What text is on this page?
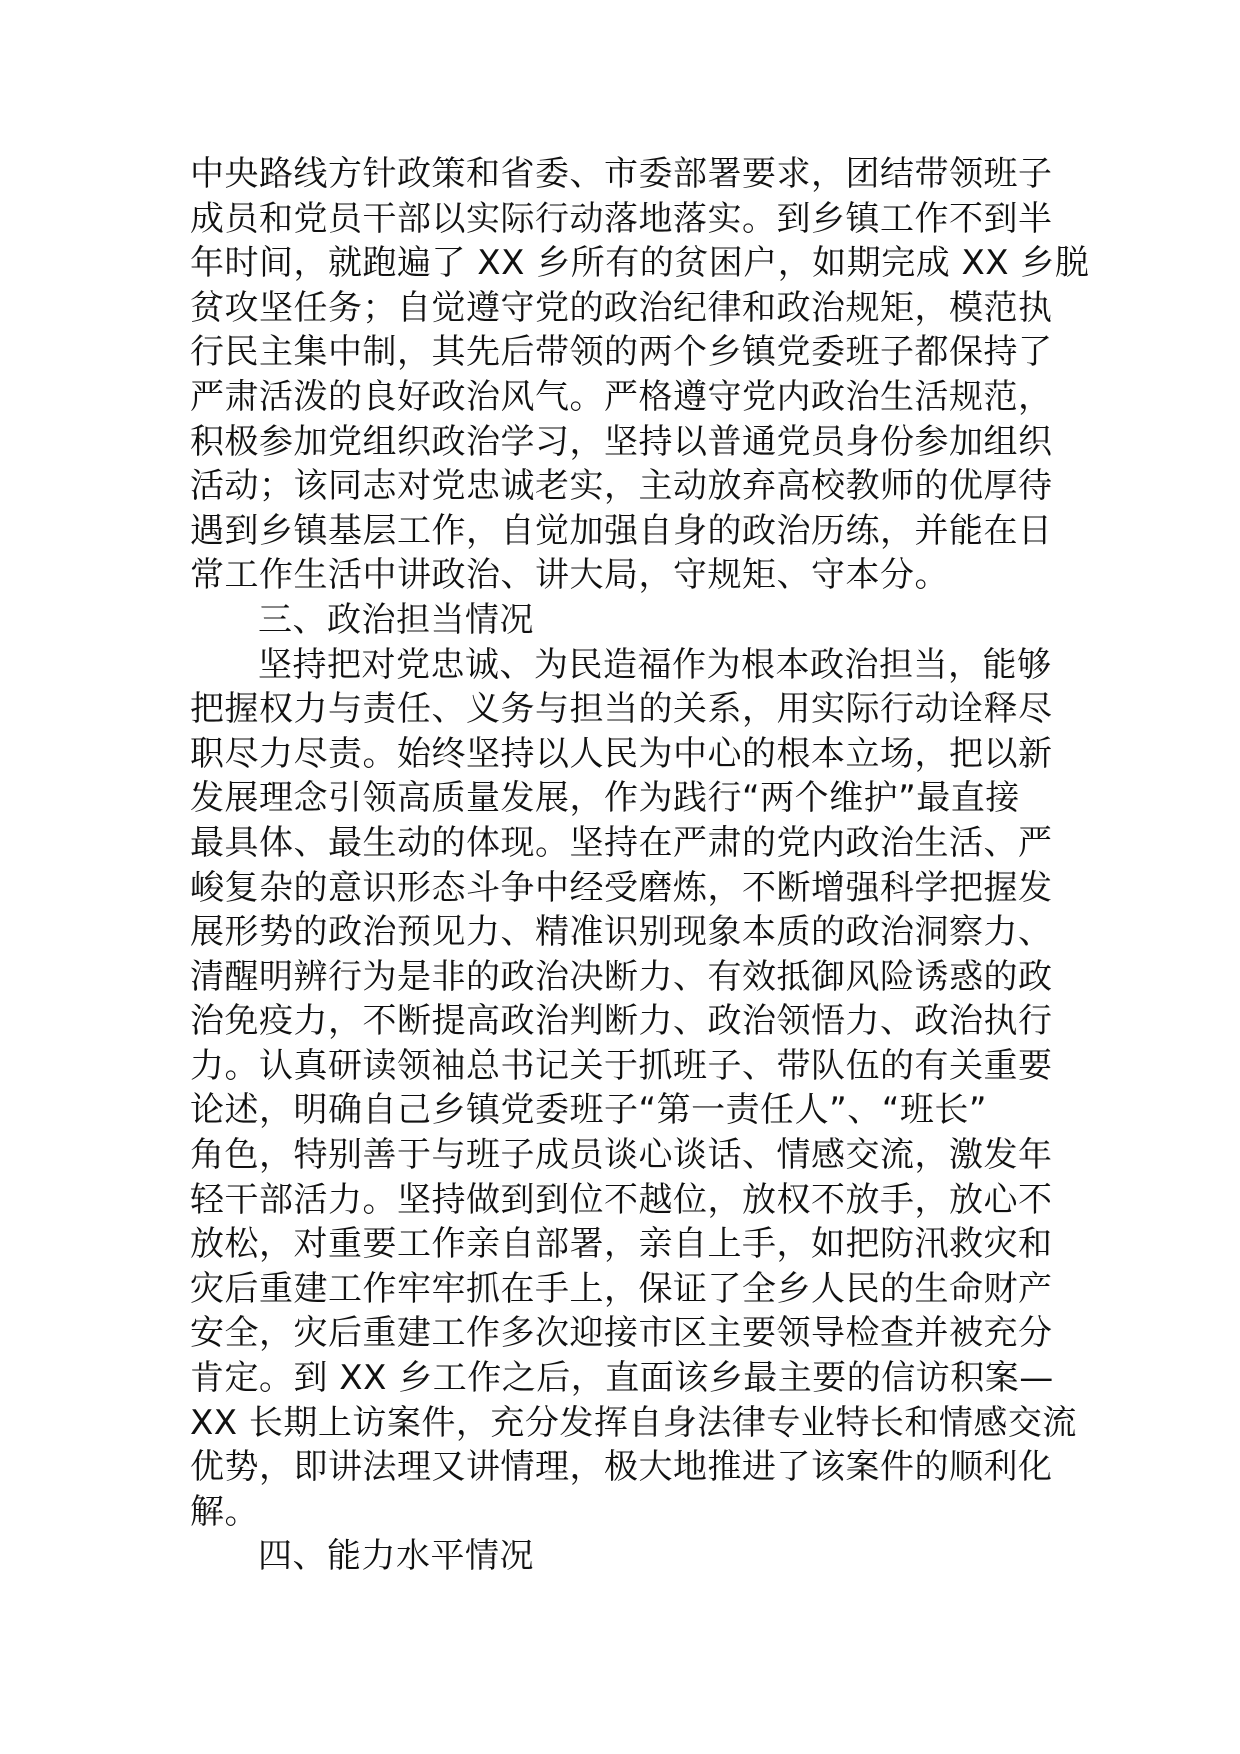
中央路线方针政策和省委、市委部署要求，团结带领班子
成员和党员干部以实际行动落地落实。到乡镇工作不到半
年时间，就跑遍了 XX 乡所有的贫困户，如期完成 XX 乡脱
贫攻坚任务；自觉遵守党的政治纪律和政治规矩，模范执
行民主集中制，其先后带领的两个乡镇党委班子都保持了
严肃活泼的良好政治风气。严格遵守党内政治生活规范，
积极参加党组织政治学习，坚持以普通党员身份参加组织
活动；该同志对党忠诚老实，主动放弃高校教师的优厚待
遇到乡镇基层工作，自觉加强自身的政治历练，并能在日
常工作生活中讲政治、讲大局，守规矩、守本分。
三、政治担当情况
坚持把对党忠诚、为民造福作为根本政治担当，能够
把握权力与责任、义务与担当的关系，用实际行动诠释尽
职尽力尽责。始终坚持以人民为中心的根本立场，把以新
发展理念引领高质量发展，作为践行“两个维护”最直接
最具体、最生动的体现。坚持在严肃的党内政治生活、严
峻复杂的意识形态斗争中经受磨炼，不断增强科学把握发
展形势的政治预见力、精准识别现象本质的政治洞察力、
清醒明辨行为是非的政治决断力、有效抵御风险诱惑的政
治免疫力，不断提高政治判断力、政治领悟力、政治执行
力。认真研读领袖总书记关于抓班子、带队伍的有关重要
论述，明确自己乡镇党委班子“第一责任人”、“班长”
角色，特别善于与班子成员谈心谈话、情感交流，激发年
轻干部活力。坚持做到到位不越位，放权不放手，放心不
放松，对重要工作亲自部署，亲自上手，如把防汛救灾和
灾后重建工作牢牢抓在手上，保证了全乡人民的生命财产
安全，灾后重建工作多次迎接市区主要领导检查并被充分
肯定。到 XX 乡工作之后，直面该乡最主要的信访积案—
XX 长期上访案件，充分发挥自身法律专业特长和情感交流
优势，即讲法理又讲情理，极大地推进了该案件的顺利化
解。
四、能力水平情况
